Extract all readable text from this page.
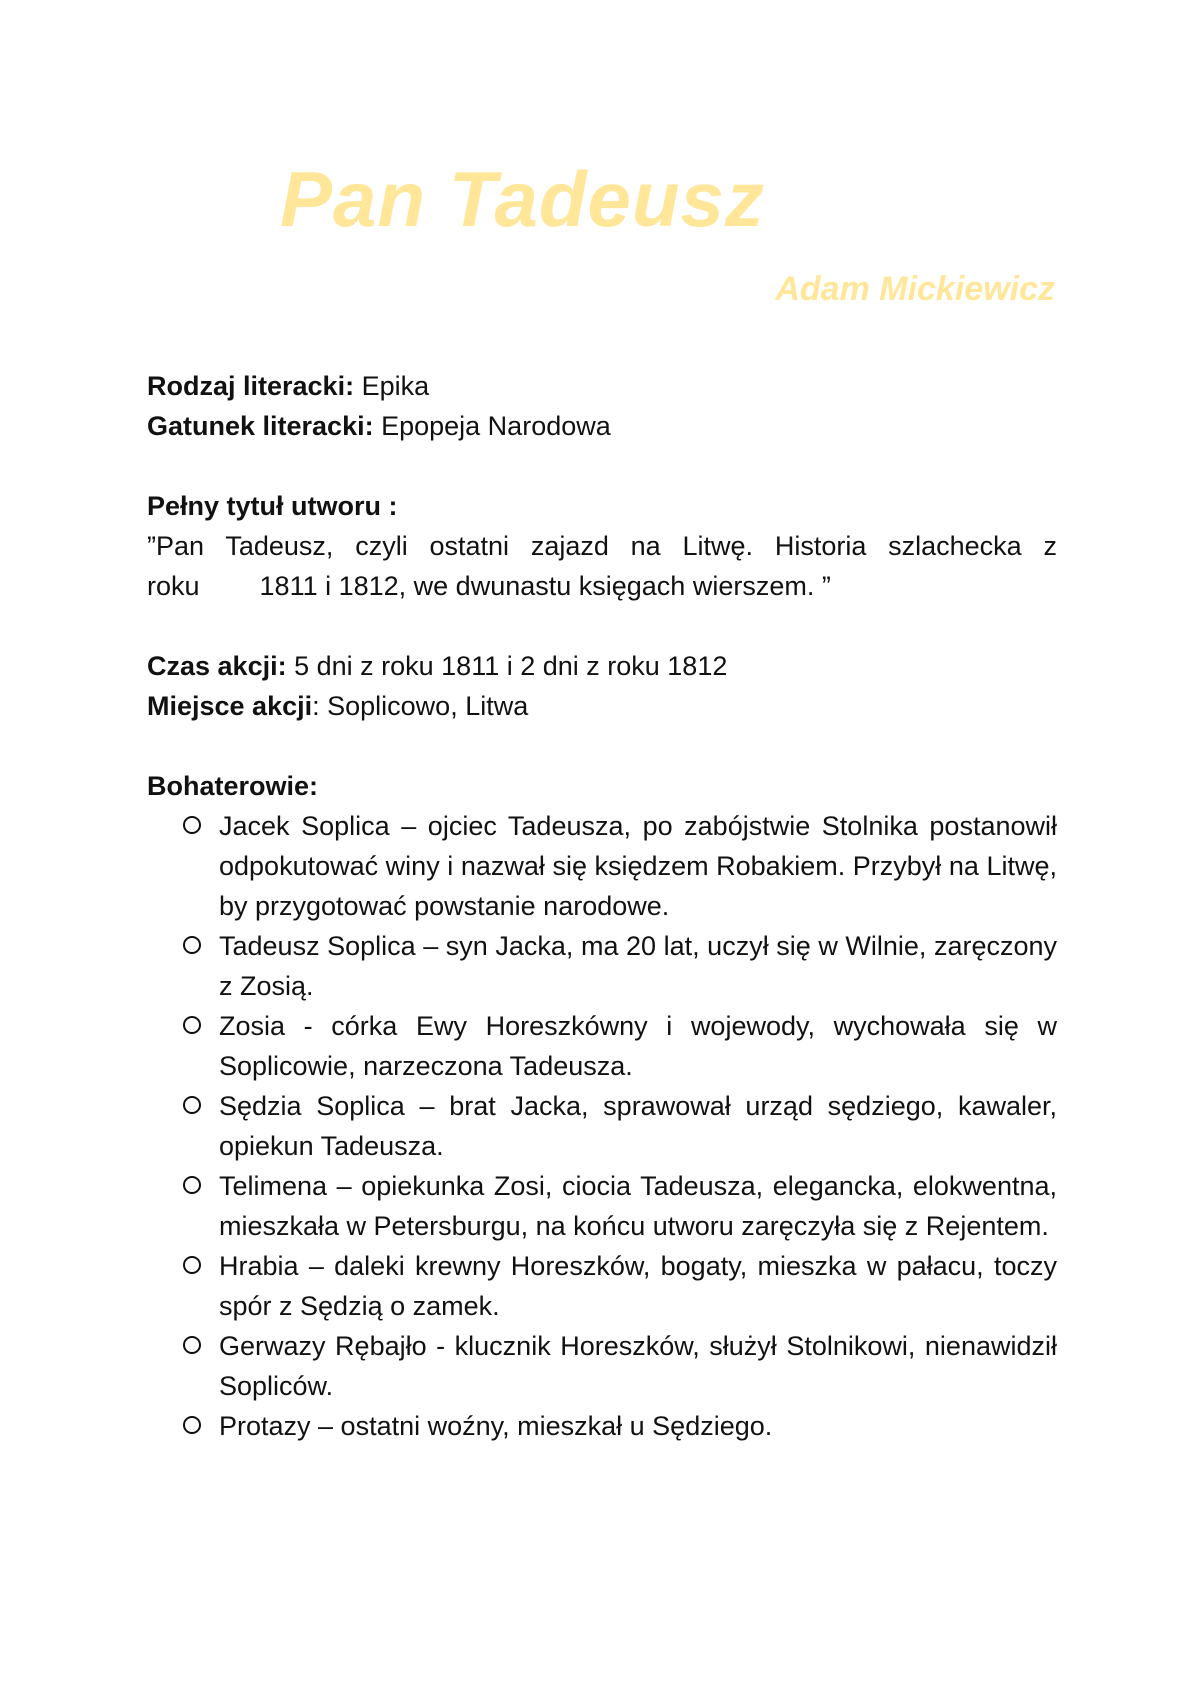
Pan Tadeusz
Adam Mickiewicz

Rodzaj literacki: Epika

Gatunek literacki: Epopeja Narodowa

Pełny tytuł utworu :

”Pan Tadeusz, czyli ostatni zajazd na Litwę. Historia szlachecka z

roku        1811 i 1812, we dwunastu księgach wierszem. ”

Czas akcji: 5 dni z roku 1811 i 2 dni z roku 1812

Miejsce akcji: Soplicowo, Litwa

Bohaterowie:

Jacek Soplica – ojciec Tadeusza, po zabójstwie Stolnika postanowił odpokutować winy i nazwał się księdzem Robakiem. Przybył na Litwę, by przygotować powstanie narodowe.
Tadeusz Soplica – syn Jacka, ma 20 lat, uczył się w Wilnie, zaręczony z Zosią.
Zosia - córka Ewy Horeszkówny i wojewody, wychowała się w Soplicowie, narzeczona Tadeusza.
Sędzia Soplica – brat Jacka, sprawował urząd sędziego, kawaler, opiekun Tadeusza.
Telimena – opiekunka Zosi, ciocia Tadeusza, elegancka, elokwentna, mieszkała w Petersburgu, na końcu utworu zaręczyła się z Rejentem.
Hrabia – daleki krewny Horeszków, bogaty, mieszka w pałacu, toczy spór z Sędzią o zamek.
Gerwazy Rębajło - klucznik Horeszków, służył Stolnikowi, nienawidził Sopliców.
Protazy – ostatni woźny, mieszkał u Sędziego.
